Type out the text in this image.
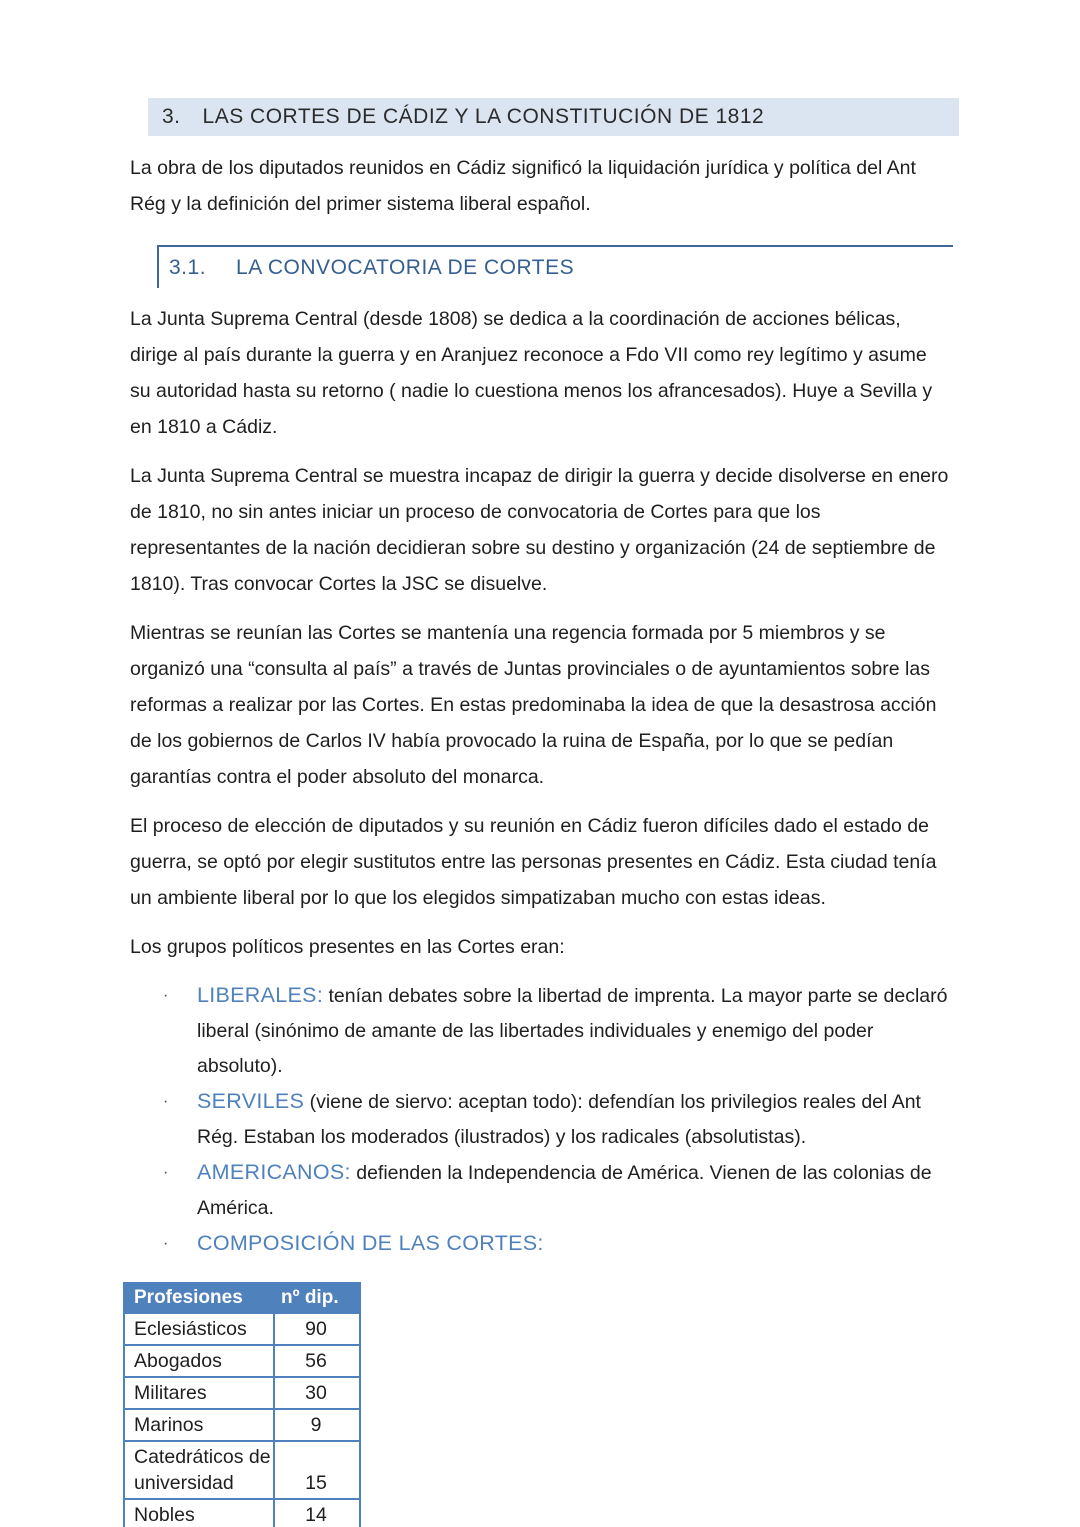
3. LAS CORTES DE CÁDIZ Y LA CONSTITUCIÓN DE 1812

La obra de los diputados reunidos en Cádiz significó la liquidación jurídica y política del Ant Rég y la definición del primer sistema liberal español.

3.1. LA CONVOCATORIA DE CORTES

La Junta Suprema Central (desde 1808) se dedica a la coordinación de acciones bélicas, dirige al país durante la guerra y en Aranjuez reconoce a Fdo VII como rey legítimo y asume su autoridad hasta su retorno ( nadie lo cuestiona menos los afrancesados). Huye a Sevilla y en 1810 a Cádiz.

La Junta Suprema Central se muestra incapaz de dirigir la guerra y decide disolverse en enero de 1810, no sin antes iniciar un proceso de convocatoria de Cortes para que los representantes de la nación decidieran sobre su destino y organización (24 de septiembre de 1810). Tras convocar Cortes la JSC se disuelve.

Mientras se reunían las Cortes se mantenía una regencia formada por 5 miembros y se organizó una “consulta al país” a través de Juntas provinciales o de ayuntamientos sobre las reformas a realizar por las Cortes. En estas predominaba la idea de que la desastrosa acción de los gobiernos de Carlos IV había provocado la ruina de España, por lo que se pedían garantías contra el poder absoluto del monarca.

El proceso de elección de diputados y su reunión en Cádiz fueron difíciles dado el estado de guerra, se optó por elegir sustitutos entre las personas presentes en Cádiz. Esta ciudad tenía un ambiente liberal por lo que los elegidos simpatizaban mucho con estas ideas.

Los grupos políticos presentes en las Cortes eran:

·	LIBERALES: tenían debates sobre la libertad de imprenta. La mayor parte se declaró liberal (sinónimo de amante de las libertades individuales y enemigo del poder absoluto).
·	SERVILES (viene de siervo: aceptan todo): defendían los privilegios reales del Ant Rég. Estaban los moderados (ilustrados) y los radicales (absolutistas).
·	AMERICANOS: defienden la Independencia de América. Vienen de las colonias de América.
·	COMPOSICIÓN DE LAS CORTES:
Profesiones	nº dip.
Eclesiásticos	90
Abogados	56
Militares	30
Marinos	9
Catedráticos de universidad	15
Nobles	14
